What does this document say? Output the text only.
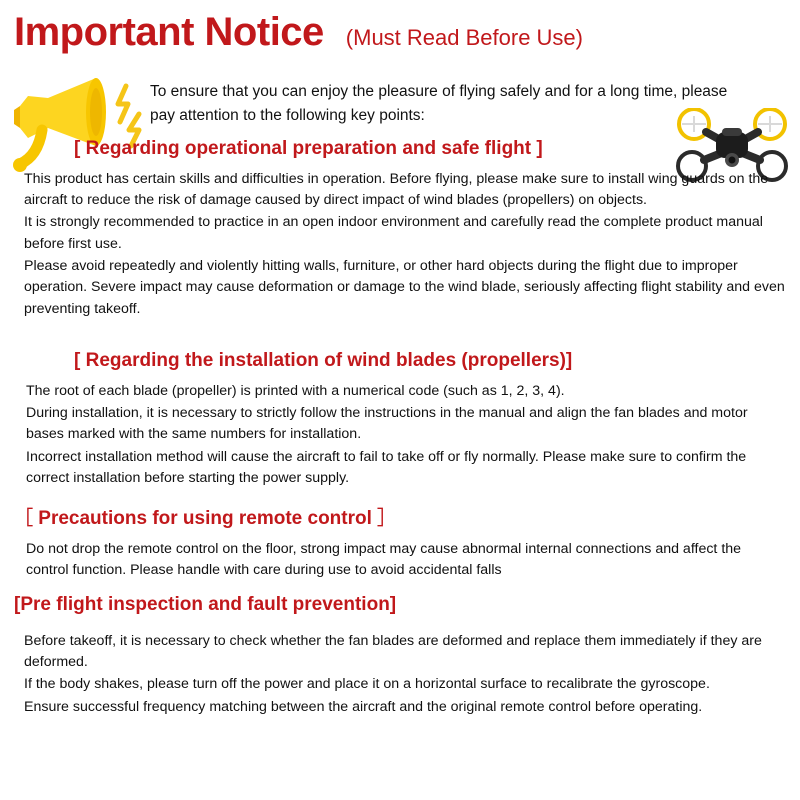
Important Notice (Must Read Before Use)
To ensure that you can enjoy the pleasure of flying safely and for a long time, please pay attention to the following key points:
[ Regarding operational preparation and safe flight ]

This product has certain skills and difficulties in operation. Before flying, please make sure to install wing guards on the aircraft to reduce the risk of damage caused by direct impact of wind blades (propellers) on objects.

It is strongly recommended to practice in an open indoor environment and carefully read the complete product manual before first use.

Please avoid repeatedly and violently hitting walls, furniture, or other hard objects during the flight due to improper operation. Severe impact may cause deformation or damage to the wind blade, seriously affecting flight stability and even preventing takeoff.

[ Regarding the installation of wind blades (propellers)]

The root of each blade (propeller) is printed with a numerical code (such as 1, 2, 3, 4).

During installation, it is necessary to strictly follow the instructions in the manual and align the fan blades and motor bases marked with the same numbers for installation.

Incorrect installation method will cause the aircraft to fail to take off or fly normally. Please make sure to confirm the correct installation before starting the power supply.

［ Precautions for using remote control ］

Do not drop the remote control on the floor, strong impact may cause abnormal internal connections and affect the control function. Please handle with care during use to avoid accidental falls

[Pre flight inspection and fault prevention]

Before takeoff, it is necessary to check whether the fan blades are deformed and replace them immediately if they are deformed.

If the body shakes, please turn off the power and place it on a horizontal surface to recalibrate the gyroscope.

Ensure successful frequency matching between the aircraft and the original remote control before operating.
